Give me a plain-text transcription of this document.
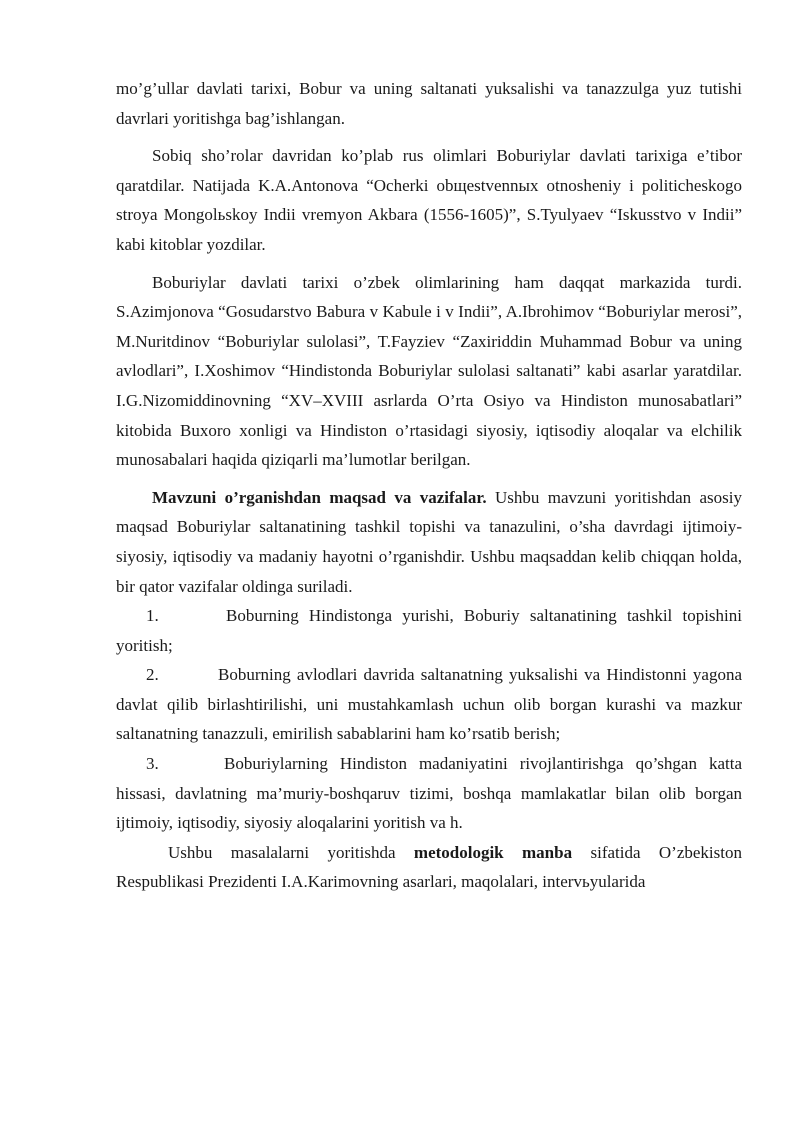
mo’g’ullar davlati tarixi, Bobur va uning saltanati yuksalishi va tanazzulga yuz tutishi davrlari yoritishga bag’ishlangan.

Sobiq sho’rolar davridan ko’plab rus olimlari Boburiylar davlati tarixiga e’tibor qaratdilar. Natijada K.A.Antonova “Ocherki obщestvennых otnosheniy i politicheskogo stroya Mongolьskoy Indii vremyon Akbara (1556-1605)”, S.Tyulyaev “Iskusstvo v Indii” kabi kitoblar yozdilar.

Boburiylar davlati tarixi o’zbek olimlarining ham daqqat markazida turdi. S.Azimjonova “Gosudarstvo Babura v Kabule i v Indii”, A.Ibrohimov “Boburiylar merosi”, M.Nuritdinov “Boburiylar sulolasi”, T.Fayziev “Zaxiriddin Muhammad Bobur va uning avlodlari”, I.Xoshimov “Hindistonda Boburiylar sulolasi saltanati” kabi asarlar yaratdilar. I.G.Nizomiddinovning “XV–XVIII asrlarda O’rta Osiyo va Hindiston munosabatlari” kitobida Buxoro xonligi va Hindiston o’rtasidagi siyosiy, iqtisodiy aloqalar va elchilik munosabalari haqida qiziqarli ma’lumotlar berilgan.

Mavzuni o’rganishdan maqsad va vazifalar. Ushbu mavzuni yoritishdan asosiy maqsad Boburiylar saltanatining tashkil topishi va tanazulini, o’sha davrdagi ijtimoiy-siyosiy, iqtisodiy va madaniy hayotni o’rganishdir. Ushbu maqsaddan kelib chiqqan holda, bir qator vazifalar oldinga suriladi.

1.	Boburning Hindistonga yurishi, Boburiy saltanatining tashkil topishini yoritish;

2.	Boburning avlodlari davrida saltanatning yuksalishi va Hindistonni yagona davlat qilib birlashtirilishi, uni mustahkamlash uchun olib borgan kurashi va mazkur saltanatning tanazzuli, emirilish sabablarini ham ko’rsatib berish;

3.	Boburiylarning Hindiston madaniyatini rivojlantirishga qo’shgan katta hissasi, davlatning ma’muriy-boshqaruv tizimi, boshqa mamlakatlar bilan olib borgan ijtimoiy, iqtisodiy, siyosiy aloqalarini yoritish va h.

Ushbu masalalarni yoritishda metodologik manba sifatida O’zbekiston Respublikasi Prezidenti I.A.Karimovning asarlari, maqolalari, intervьyularida
